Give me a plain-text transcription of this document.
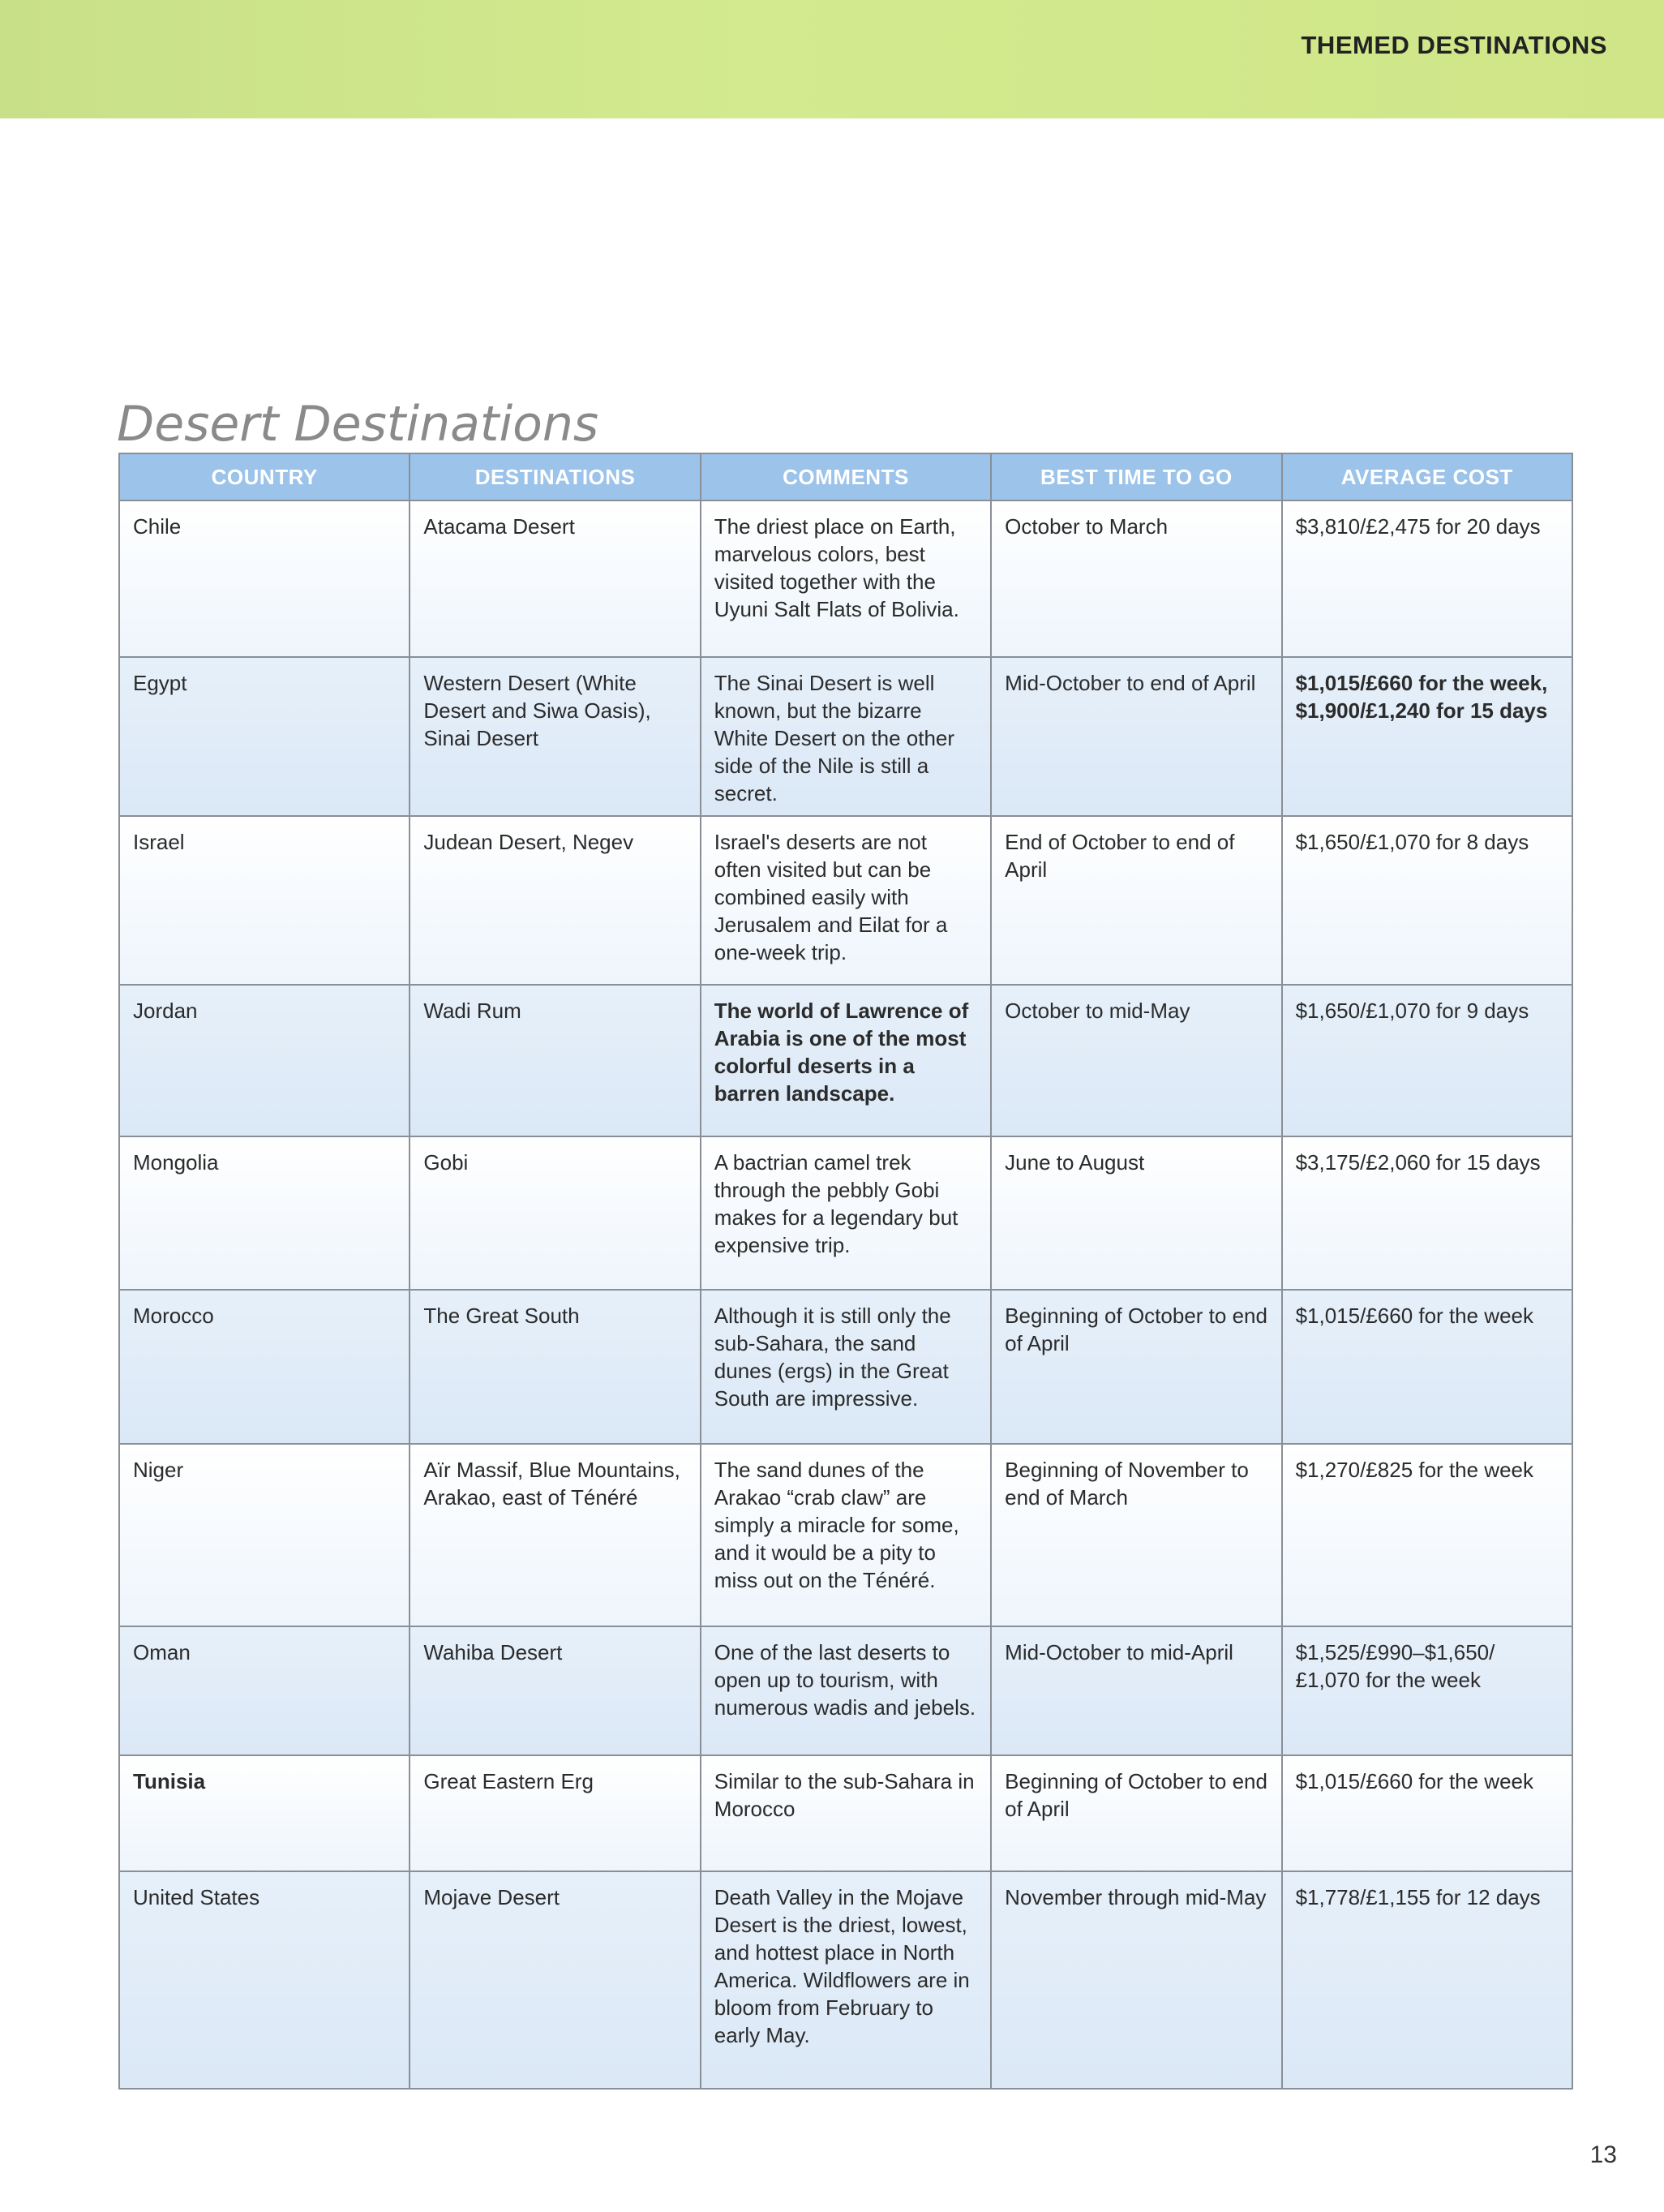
THEMED DESTINATIONS
Desert Destinations
COUNTRY	DESTINATIONS	COMMENTS	BEST TIME TO GO	AVERAGE COST
Chile	Atacama Desert	The driest place on Earth, marvelous colors, best visited together with the Uyuni Salt Flats of Bolivia.	October to March	$3,810/£2,475 for 20 days
Egypt	Western Desert (White Desert and Siwa Oasis), Sinai Desert	The Sinai Desert is well known, but the bizarre White Desert on the other side of the Nile is still a secret.	Mid-October to end of April	$1,015/£660 for the week, $1,900/£1,240 for 15 days
Israel	Judean Desert, Negev	Israel's deserts are not often visited but can be combined easily with Jerusalem and Eilat for a one-week trip.	End of October to end of April	$1,650/£1,070 for 8 days
Jordan	Wadi Rum	The world of Lawrence of Arabia is one of the most colorful deserts in a barren landscape.	October to mid-May	$1,650/£1,070 for 9 days
Mongolia	Gobi	A bactrian camel trek through the pebbly Gobi makes for a legendary but expensive trip.	June to August	$3,175/£2,060 for 15 days
Morocco	The Great South	Although it is still only the sub-Sahara, the sand dunes (ergs) in the Great South are impressive.	Beginning of October to end of April	$1,015/£660 for the week
Niger	Aïr Massif, Blue Mountains, Arakao, east of Ténéré	The sand dunes of the Arakao “crab claw” are simply a miracle for some, and it would be a pity to miss out on the Ténéré.	Beginning of November to end of March	$1,270/£825 for the week
Oman	Wahiba Desert	One of the last deserts to open up to tourism, with numerous wadis and jebels.	Mid-October to mid-April	$1,525/£990–$1,650/£1,070 for the week
Tunisia	Great Eastern Erg	Similar to the sub-Sahara in Morocco	Beginning of October to end of April	$1,015/£660 for the week
United States	Mojave Desert	Death Valley in the Mojave Desert is the driest, lowest, and hottest place in North America. Wildflowers are in bloom from February to early May.	November through mid-May	$1,778/£1,155 for 12 days
13
